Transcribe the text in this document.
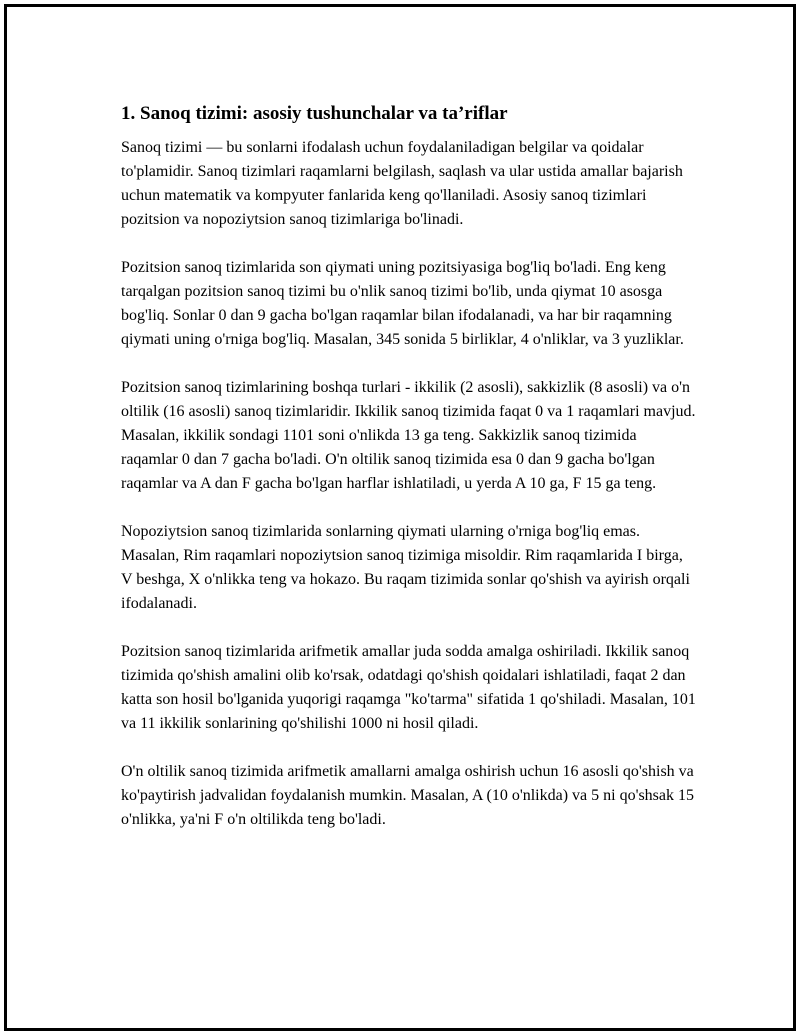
1. Sanoq tizimi: asosiy tushunchalar va ta’riflar

Sanoq tizimi — bu sonlarni ifodalash uchun foydalaniladigan belgilar va qoidalar to'plamidir. Sanoq tizimlari raqamlarni belgilash, saqlash va ular ustida amallar bajarish uchun matematik va kompyuter fanlarida keng qo'llaniladi. Asosiy sanoq tizimlari pozitsion va nopoziytsion sanoq tizimlariga bo'linadi.

Pozitsion sanoq tizimlarida son qiymati uning pozitsiyasiga bog'liq bo'ladi. Eng keng tarqalgan pozitsion sanoq tizimi bu o'nlik sanoq tizimi bo'lib, unda qiymat 10 asosga bog'liq. Sonlar 0 dan 9 gacha bo'lgan raqamlar bilan ifodalanadi, va har bir raqamning qiymati uning o'rniga bog'liq. Masalan, 345 sonida 5 birliklar, 4 o'nliklar, va 3 yuzliklar.

Pozitsion sanoq tizimlarining boshqa turlari - ikkilik (2 asosli), sakkizlik (8 asosli) va o'n oltilik (16 asosli) sanoq tizimlaridir. Ikkilik sanoq tizimida faqat 0 va 1 raqamlari mavjud. Masalan, ikkilik sondagi 1101 soni o'nlikda 13 ga teng. Sakkizlik sanoq tizimida raqamlar 0 dan 7 gacha bo'ladi. O'n oltilik sanoq tizimida esa 0 dan 9 gacha bo'lgan raqamlar va A dan F gacha bo'lgan harflar ishlatiladi, u yerda A 10 ga, F 15 ga teng.

Nopoziytsion sanoq tizimlarida sonlarning qiymati ularning o'rniga bog'liq emas. Masalan, Rim raqamlari nopoziytsion sanoq tizimiga misoldir. Rim raqamlarida I birga, V beshga, X o'nlikka teng va hokazo. Bu raqam tizimida sonlar qo'shish va ayirish orqali ifodalanadi.

Pozitsion sanoq tizimlarida arifmetik amallar juda sodda amalga oshiriladi. Ikkilik sanoq tizimida qo'shish amalini olib ko'rsak, odatdagi qo'shish qoidalari ishlatiladi, faqat 2 dan katta son hosil bo'lganida yuqorigi raqamga "ko'tarma" sifatida 1 qo'shiladi. Masalan, 101 va 11 ikkilik sonlarining qo'shilishi 1000 ni hosil qiladi.

O'n oltilik sanoq tizimida arifmetik amallarni amalga oshirish uchun 16 asosli qo'shish va ko'paytirish jadvalidan foydalanish mumkin. Masalan, A (10 o'nlikda) va 5 ni qo'shsak 15 o'nlikka, ya'ni F o'n oltilikda teng bo'ladi.
